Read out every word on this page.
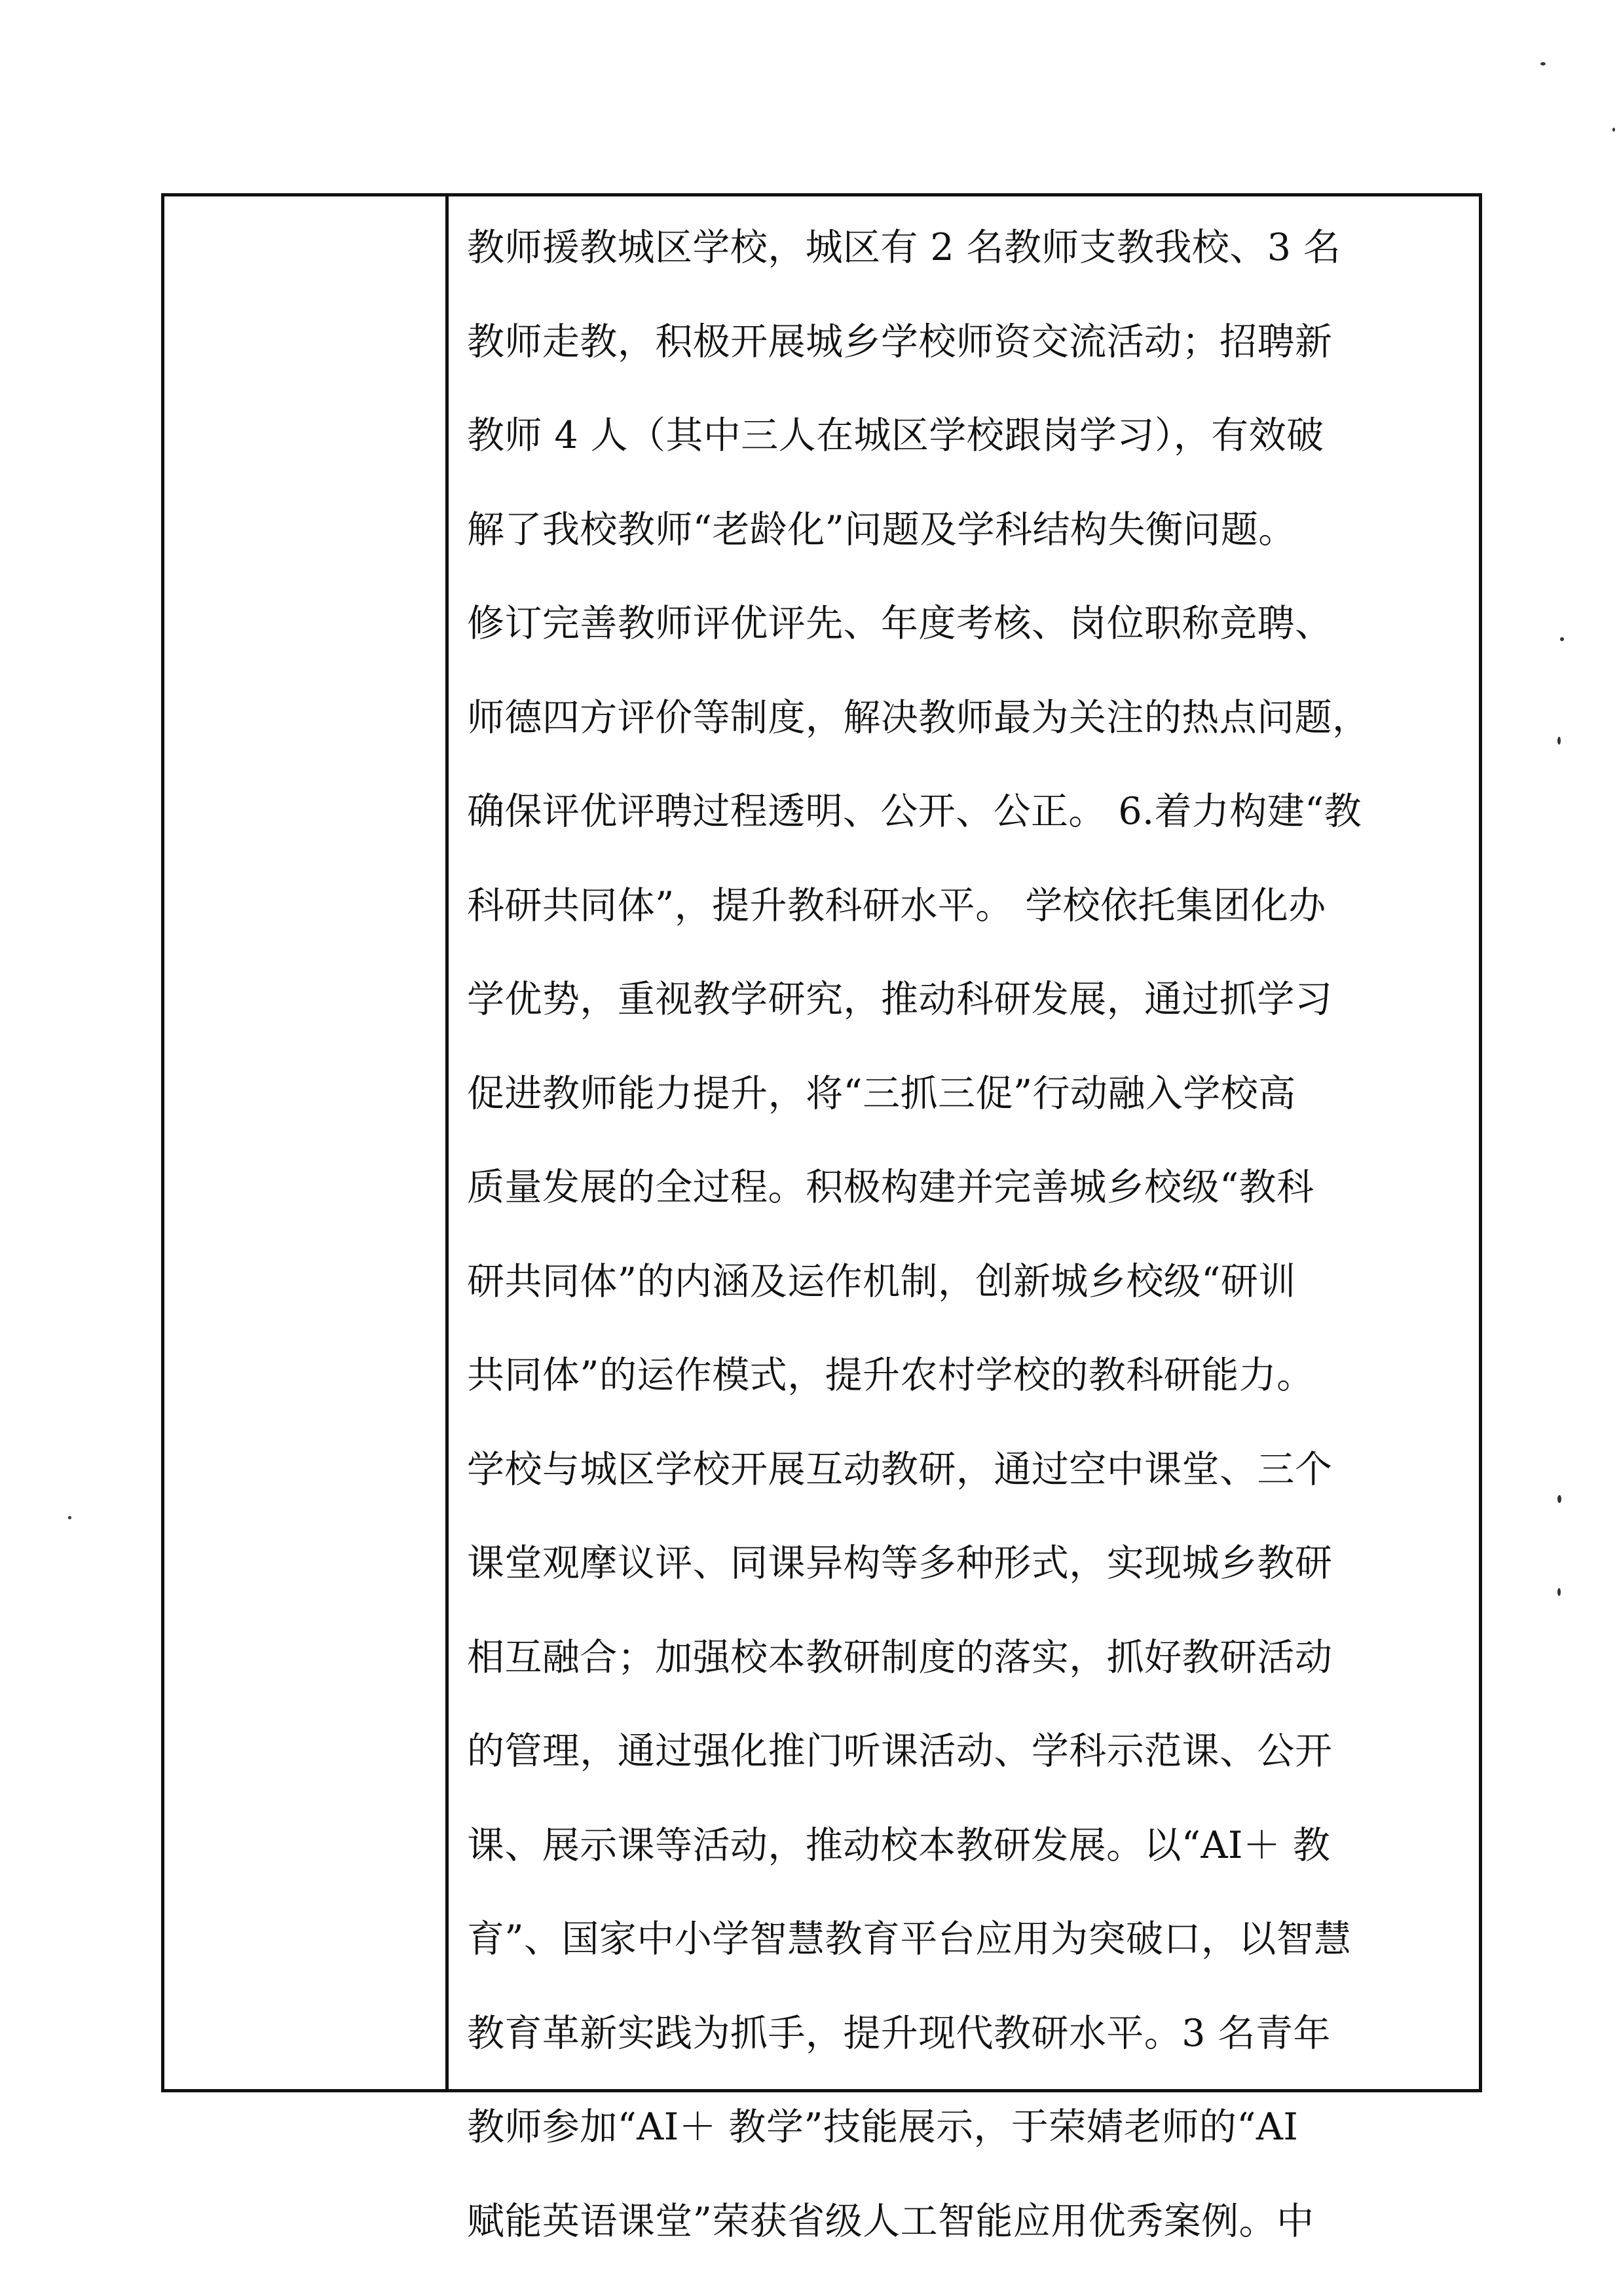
教师援教城区学校，城区有 2 名教师支教我校、3 名
教师走教，积极开展城乡学校师资交流活动；招聘新
教师 4 人（其中三人在城区学校跟岗学习），有效破
解了我校教师“老龄化”问题及学科结构失衡问题。
修订完善教师评优评先、年度考核、岗位职称竞聘、
师德四方评价等制度，解决教师最为关注的热点问题，
确保评优评聘过程透明、公开、公正。 6.着力构建“教
科研共同体”，提升教科研水平。 学校依托集团化办
学优势，重视教学研究，推动科研发展，通过抓学习
促进教师能力提升，将“三抓三促”行动融入学校高
质量发展的全过程。积极构建并完善城乡校级“教科
研共同体”的内涵及运作机制，创新城乡校级“研训
共同体”的运作模式，提升农村学校的教科研能力。
学校与城区学校开展互动教研，通过空中课堂、三个
课堂观摩议评、同课异构等多种形式，实现城乡教研
相互融合；加强校本教研制度的落实，抓好教研活动
的管理，通过强化推门听课活动、学科示范课、公开
课、展示课等活动，推动校本教研发展。以“AI＋ 教
育”、国家中小学智慧教育平台应用为突破口，以智慧
教育革新实践为抓手，提升现代教研水平。3 名青年
教师参加“AI＋ 教学”技能展示，于荣婧老师的“AI
赋能英语课堂”荣获省级人工智能应用优秀案例。中
